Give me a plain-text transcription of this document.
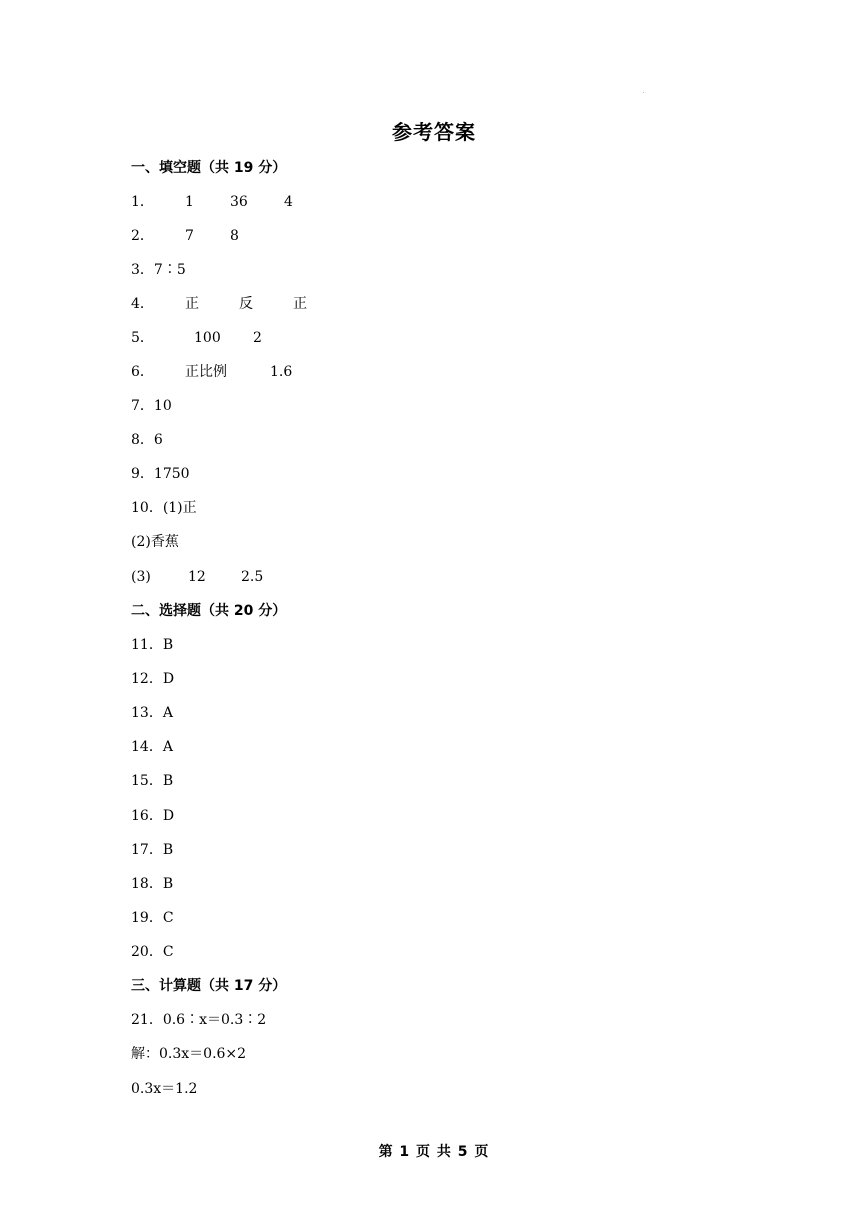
参考答案
一、填空题（共 19 分）

1．

1

	36

	4

2．

7

	8

3．7∶5

4．

正

	反

	正

5．

	100

2

6．

正比例

	1.6

7．10
8．6
9．1750
10．(1)正
(2)香蕉

(3)

	12

	2.5

二、选择题（共 20 分）
11．B
12．D
13．A
14．A
15．B
16．D
17．B
18．B
19．C
20．C
三、计算题（共 17 分）
21．0.6∶x＝0.3∶2
解：0.3x＝0.6×2
0.3x＝1.2
第 1 页 共 5 页
